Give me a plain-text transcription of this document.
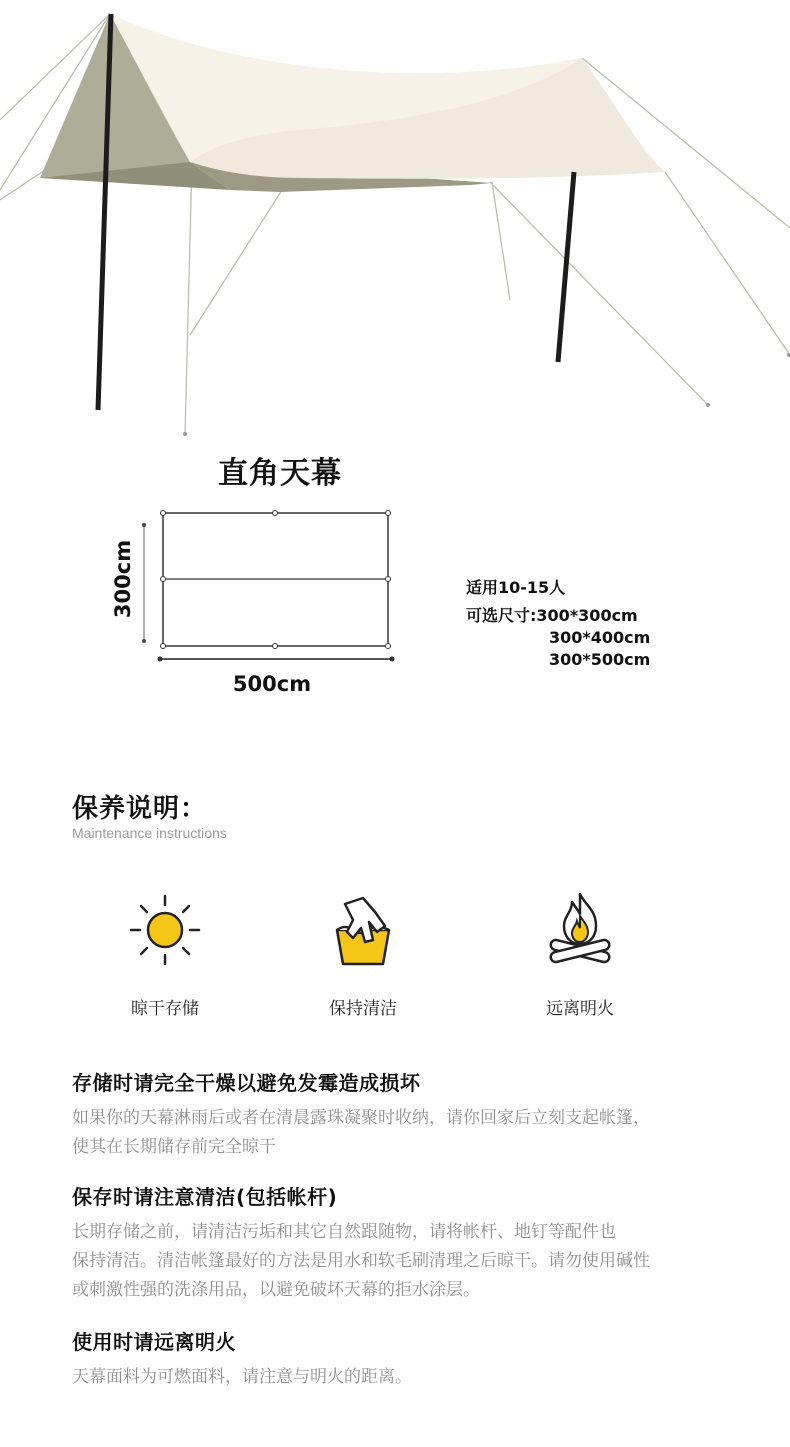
直角天幕
300cm
500cm
适用10-15人
可选尺寸:300*300cm
300*400cm
300*500cm
保养说明：
Maintenance instructions
晾干存储	保持清洁	远离明火
存储时请完全干燥以避免发霉造成损坏

如果你的天幕淋雨后或者在清晨露珠凝聚时收纳，请你回家后立刻支起帐篷，

使其在长期储存前完全晾干

保存时请注意清洁(包括帐杆)

长期存储之前，请清洁污垢和其它自然跟随物，请将帐杆、地钉等配件也

保持清洁。清洁帐篷最好的方法是用水和软毛刷清理之后晾干。请勿使用碱性

或刺激性强的洗涤用品，以避免破坏天幕的拒水涂层。

使用时请远离明火

天幕面料为可燃面料，请注意与明火的距离。
